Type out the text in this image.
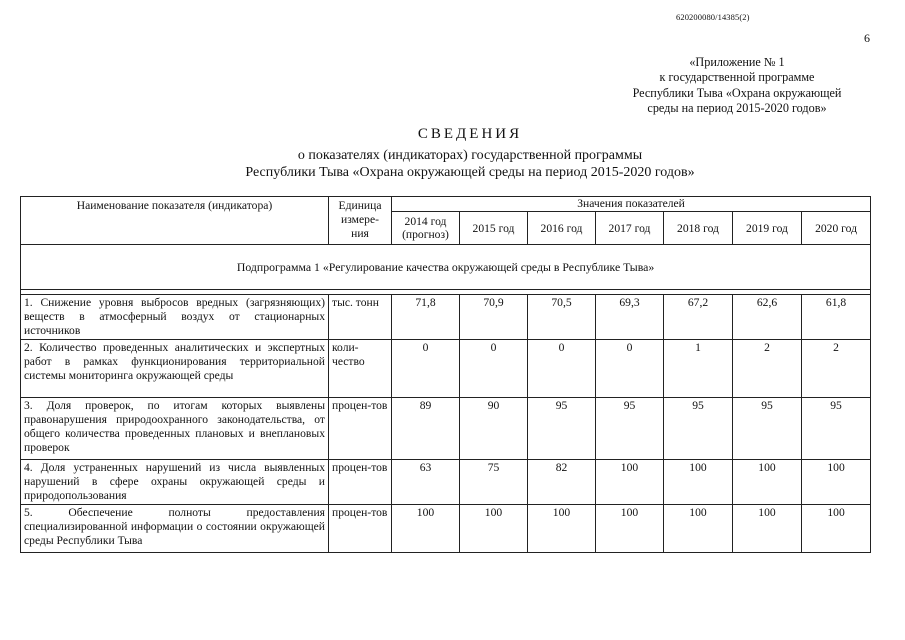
620200080/14385(2)
6
«Приложение № 1
к государственной программе
Республики Тыва «Охрана окружающей
среды на период 2015-2020 годов»
СВЕДЕНИЯ
о показателях (индикаторах) государственной программы
Республики Тыва «Охрана окружающей среды на период 2015-2020 годов»
Наименование показателя (индикатора)	Единица
измере-
ния	Значения показателей						

		2014 год
(прогноз)	2015 год	2016 год	2017 год	2018 год	2019 год	2020 год
Подпрограмма 1 «Регулирование качества окружающей среды в Республике Тыва»								

1. Снижение уровня выбросов вредных (загрязняющих) веществ в атмосферный воздух от стационарных источников	тыс. тонн	71,8	70,9	70,5	69,3	67,2	62,6	61,8
2. Количество проведенных аналитических и экспертных работ в рамках функционирования территориальной системы мониторинга окружающей среды	коли-чество	0	0	0	0	1	2	2
3. Доля проверок, по итогам которых выявлены правонарушения природоохранного законодательства, от общего количества проведенных плановых и внеплановых проверок	процен-тов	89	90	95	95	95	95	95
4. Доля устраненных нарушений из числа выявленных нарушений в сфере охраны окружающей среды и природопользования	процен-тов	63	75	82	100	100	100	100
5. Обеспечение полноты предоставления специализированной информации о состоянии окружающей среды Республики Тыва	процен-тов	100	100	100	100	100	100	100
